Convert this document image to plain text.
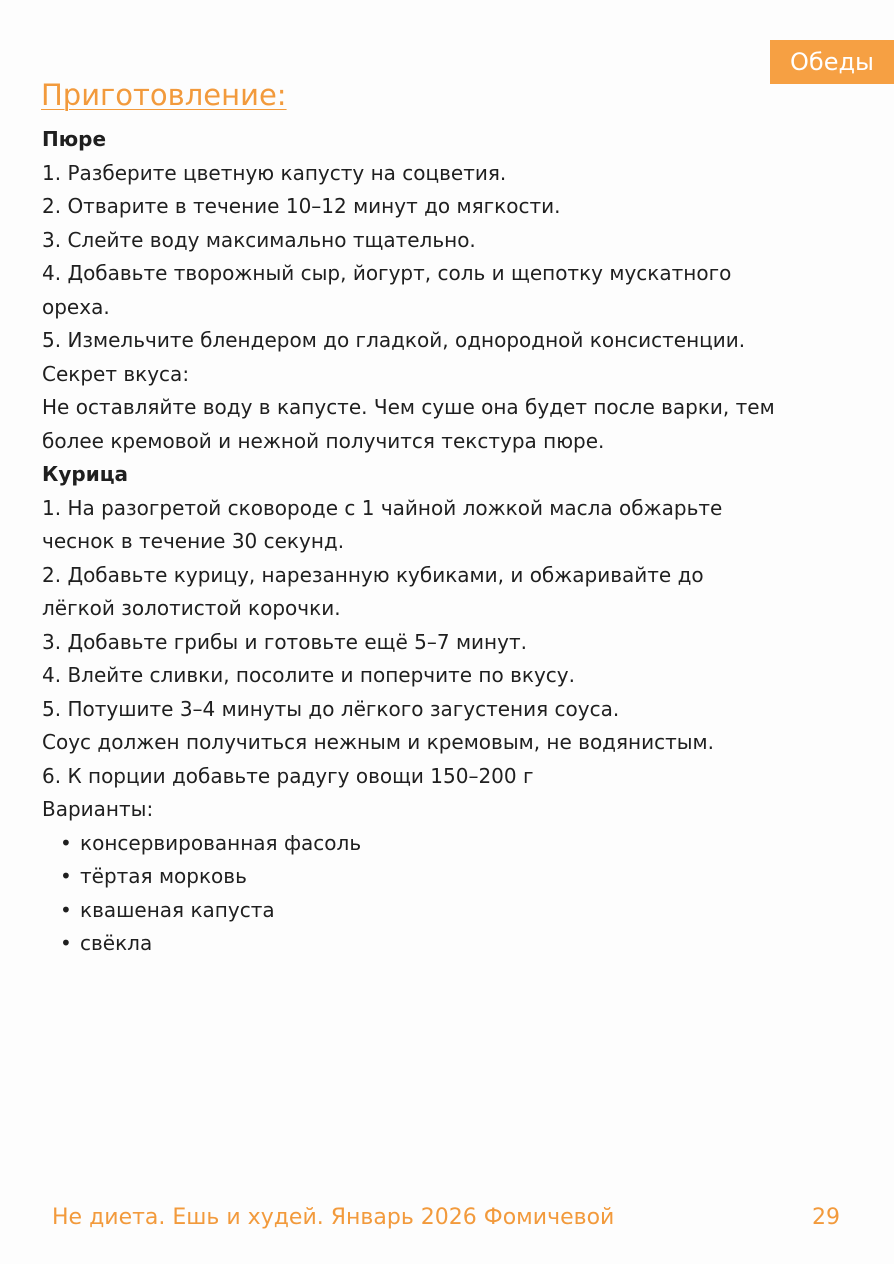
Обеды
Приготовление:
Пюре
1. Разберите цветную капусту на соцветия.
2. Отварите в течение 10–12 минут до мягкости.
3. Слейте воду максимально тщательно.
4. Добавьте творожный сыр, йогурт, соль и щепотку мускатного
ореха.
5. Измельчите блендером до гладкой, однородной консистенции.
Секрет вкуса:
Не оставляйте воду в капусте. Чем суше она будет после варки, тем
более кремовой и нежной получится текстура пюре.
Курица
1. На разогретой сковороде с 1 чайной ложкой масла обжарьте
чеснок в течение 30 секунд.
2. Добавьте курицу, нарезанную кубиками, и обжаривайте до
лёгкой золотистой корочки.
3. Добавьте грибы и готовьте ещё 5–7 минут.
4. Влейте сливки, посолите и поперчите по вкусу.
5. Потушите 3–4 минуты до лёгкого загустения соуса.
Соус должен получиться нежным и кремовым, не водянистым.
6. К порции добавьте радугу овощи 150–200 г
Варианты:
• консервированная фасоль
• тёртая морковь
• квашеная капуста
• свёкла
Не диета. Ешь и худей. Январь 2026 Фомичевой	29
